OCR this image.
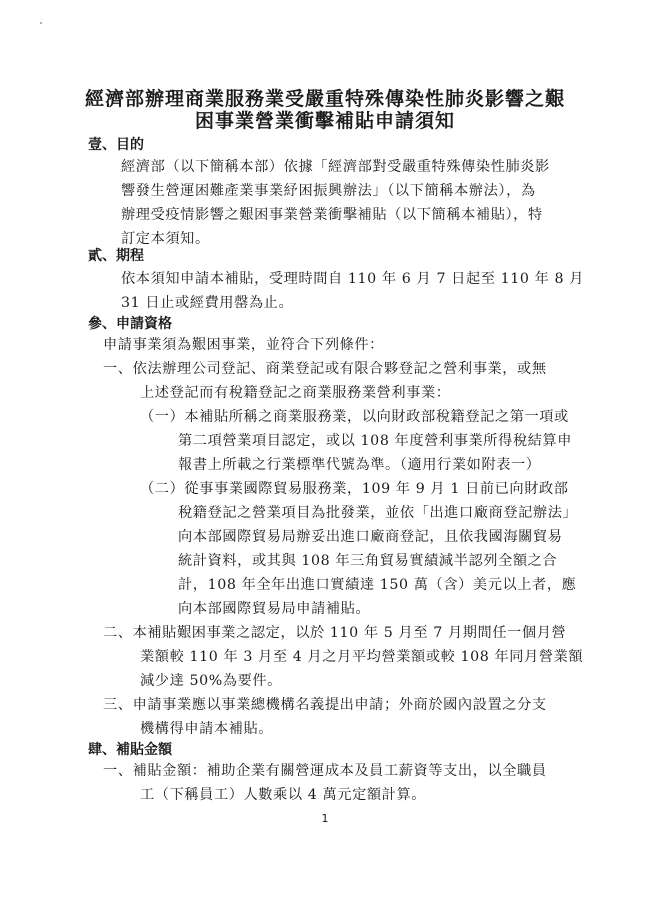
經濟部辦理商業服務業受嚴重特殊傳染性肺炎影響之艱
困事業營業衝擊補貼申請須知
壹、目的
經濟部（以下簡稱本部）依據「經濟部對受嚴重特殊傳染性肺炎影
響發生營運困難產業事業紓困振興辦法」（以下簡稱本辦法），為
辦理受疫情影響之艱困事業營業衝擊補貼（以下簡稱本補貼），特
訂定本須知。
貳、期程
依本須知申請本補貼，受理時間自 110 年 6 月 7 日起至 110 年 8 月
31 日止或經費用罄為止。
參、申請資格
申請事業須為艱困事業，並符合下列條件：
一、依法辦理公司登記、商業登記或有限合夥登記之營利事業，或無
上述登記而有稅籍登記之商業服務業營利事業：
（一）本補貼所稱之商業服務業，以向財政部稅籍登記之第一項或
第二項營業項目認定，或以 108 年度營利事業所得稅結算申
報書上所載之行業標準代號為準。（適用行業如附表一）
（二）從事事業國際貿易服務業，109 年 9 月 1 日前已向財政部
稅籍登記之營業項目為批發業，並依「出進口廠商登記辦法」
向本部國際貿易局辦妥出進口廠商登記，且依我國海關貿易
統計資料，或其與 108 年三角貿易實績減半認列全額之合
計，108 年全年出進口實績達 150 萬（含）美元以上者，應
向本部國際貿易局申請補貼。
二、本補貼艱困事業之認定，以於 110 年 5 月至 7 月期間任一個月營
業額較 110 年 3 月至 4 月之月平均營業額或較 108 年同月營業額
減少達 50%為要件。
三、申請事業應以事業總機構名義提出申請；外商於國內設置之分支
機構得申請本補貼。
肆、補貼金額
一、補貼金額：補助企業有關營運成本及員工薪資等支出，以全職員
工（下稱員工）人數乘以 4 萬元定額計算。
1
